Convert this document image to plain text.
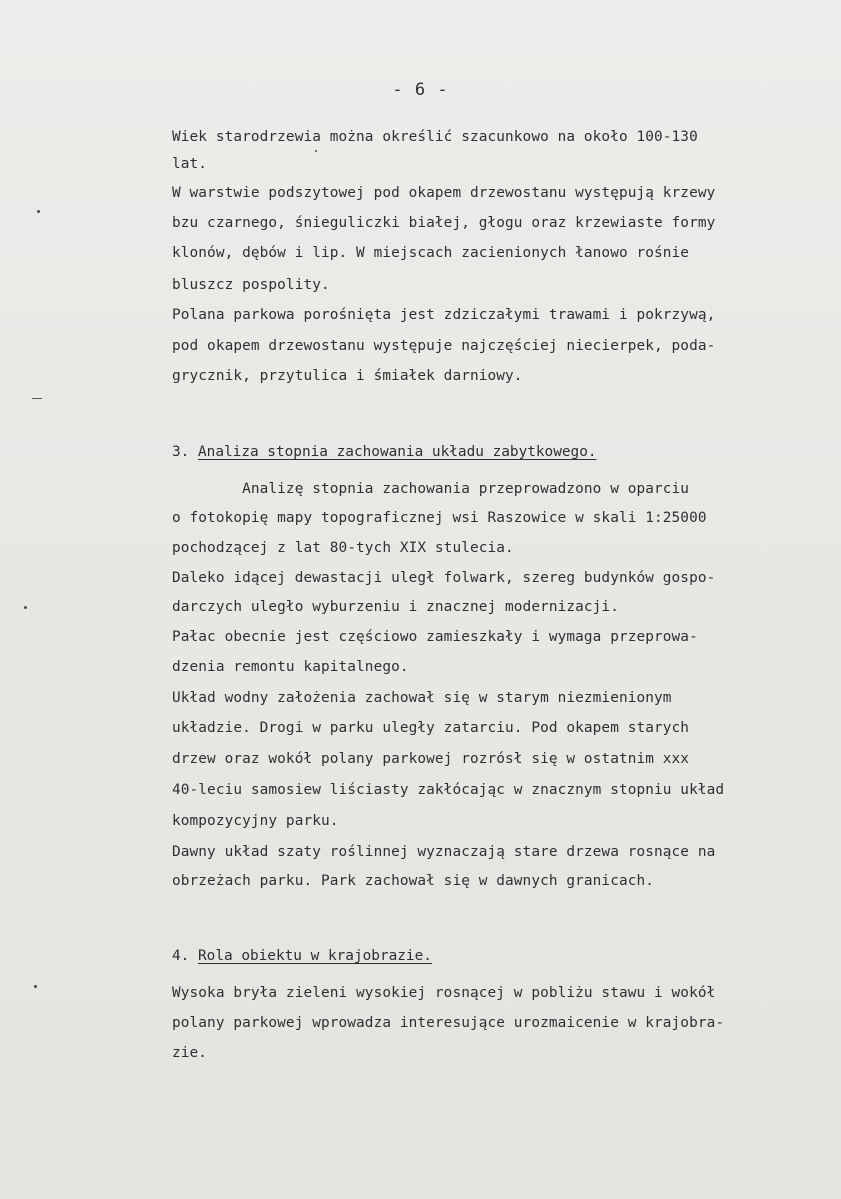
- 6 -
Wiek starodrzewia można określić szacunkowo na około 100-130
lat.
W warstwie podszytowej pod okapem drzewostanu występują krzewy
bzu czarnego, śnieguliczki białej, głogu oraz krzewiaste formy
klonów, dębów i lip. W miejscach zacienionych łanowo rośnie
bluszcz pospolity.
Polana parkowa porośnięta jest zdziczałymi trawami i pokrzywą,
pod okapem drzewostanu występuje najczęściej niecierpek, poda-
grycznik, przytulica i śmiałek darniowy.
3. Analiza stopnia zachowania układu zabytkowego.
Analizę stopnia zachowania przeprowadzono w oparciu
o fotokopię mapy topograficznej wsi Raszowice w skali 1:25000
pochodzącej z lat 80-tych XIX stulecia.
Daleko idącej dewastacji uległ folwark, szereg budynków gospo-
darczych uległo wyburzeniu i znacznej modernizacji.
Pałac obecnie jest częściowo zamieszkały i wymaga przeprowa-
dzenia remontu kapitalnego.
Układ wodny założenia zachował się w starym niezmienionym
układzie. Drogi w parku uległy zatarciu. Pod okapem starych
drzew oraz wokół polany parkowej rozrósł się w ostatnim xxx
40-leciu samosiew liściasty zakłócając w znacznym stopniu układ
kompozycyjny parku.
Dawny układ szaty roślinnej wyznaczają stare drzewa rosnące na
obrzeżach parku. Park zachował się w dawnych granicach.
4. Rola obiektu w krajobrazie.
Wysoka bryła zieleni wysokiej rosnącej w pobliżu stawu i wokół
polany parkowej wprowadza interesujące urozmaicenie w krajobra-
zie.
